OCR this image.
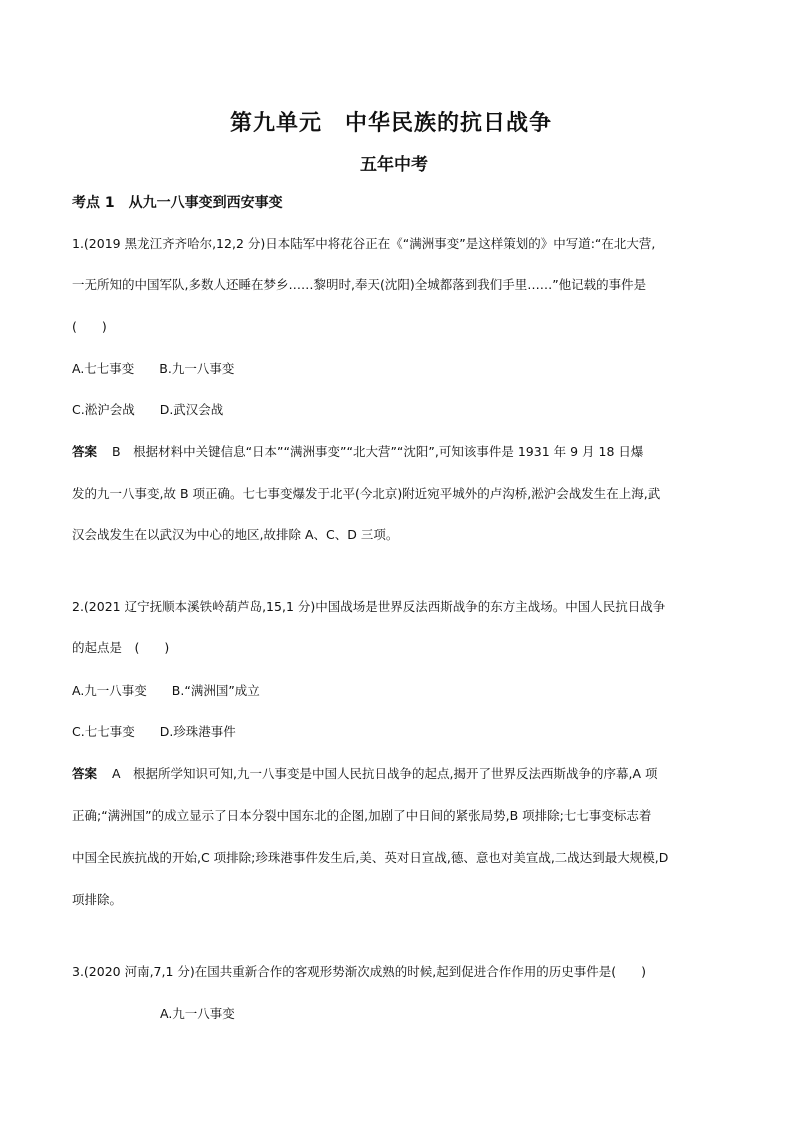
第九单元　中华民族的抗日战争
五年中考
考点 1　从九一八事变到西安事变
1.(2019 黑龙江齐齐哈尔,12,2 分)日本陆军中将花谷正在《“满洲事变”是这样策划的》中写道:“在北大营,
一无所知的中国军队,多数人还睡在梦乡……黎明时,奉天(沈阳)全城都落到我们手里……”他记载的事件是
(　　)
A.七七事变　　B.九一八事变
C.淞沪会战　　D.武汉会战
答案 B　根据材料中关键信息“日本”“满洲事变”“北大营”“沈阳”,可知该事件是 1931 年 9 月 18 日爆
发的九一八事变,故 B 项正确。七七事变爆发于北平(今北京)附近宛平城外的卢沟桥,淞沪会战发生在上海,武
汉会战发生在以武汉为中心的地区,故排除 A、C、D 三项。
2.(2021 辽宁抚顺本溪铁岭葫芦岛,15,1 分)中国战场是世界反法西斯战争的东方主战场。中国人民抗日战争
的起点是　(　　)
A.九一八事变　　B.“满洲国”成立
C.七七事变　　D.珍珠港事件
答案 A　根据所学知识可知,九一八事变是中国人民抗日战争的起点,揭开了世界反法西斯战争的序幕,A 项
正确;“满洲国”的成立显示了日本分裂中国东北的企图,加剧了中日间的紧张局势,B 项排除;七七事变标志着
中国全民族抗战的开始,C 项排除;珍珠港事件发生后,美、英对日宣战,德、意也对美宣战,二战达到最大规模,D
项排除。
3.(2020 河南,7,1 分)在国共重新合作的客观形势渐次成熟的时候,起到促进合作作用的历史事件是(　　)
A.九一八事变
